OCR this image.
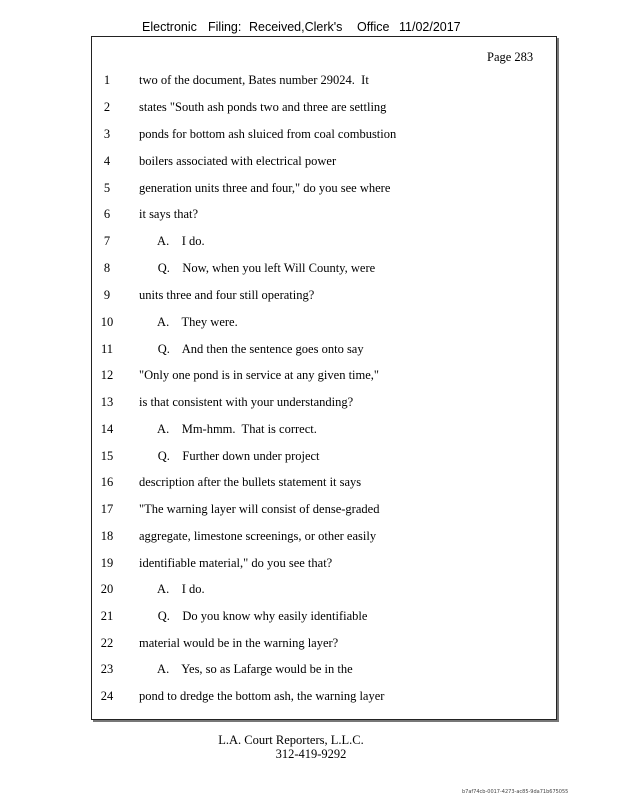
Electronic Filing: Received,Clerk's Office 11/02/2017
Page 283
1	two of the document, Bates number 29024.  It
2	states "South ash ponds two and three are settling
3	ponds for bottom ash sluiced from coal combustion
4	boilers associated with electrical power
5	generation units three and four," do you see where
6	it says that?
7	A.    I do.
8	Q.    Now, when you left Will County, were
9	units three and four still operating?
10	A.    They were.
11	Q.    And then the sentence goes onto say
12	"Only one pond is in service at any given time,"
13	is that consistent with your understanding?
14	A.    Mm-hmm.  That is correct.
15	Q.    Further down under project
16	description after the bullets statement it says
17	"The warning layer will consist of dense-graded
18	aggregate, limestone screenings, or other easily
19	identifiable material," do you see that?
20	A.    I do.
21	Q.    Do you know why easily identifiable
22	material would be in the warning layer?
23	A.    Yes, so as Lafarge would be in the
24	pond to dredge the bottom ash, the warning layer
L.A. Court Reporters, L.L.C.
312-419-9292
b7af74cb-0017-4273-ac85-9da71b675055
